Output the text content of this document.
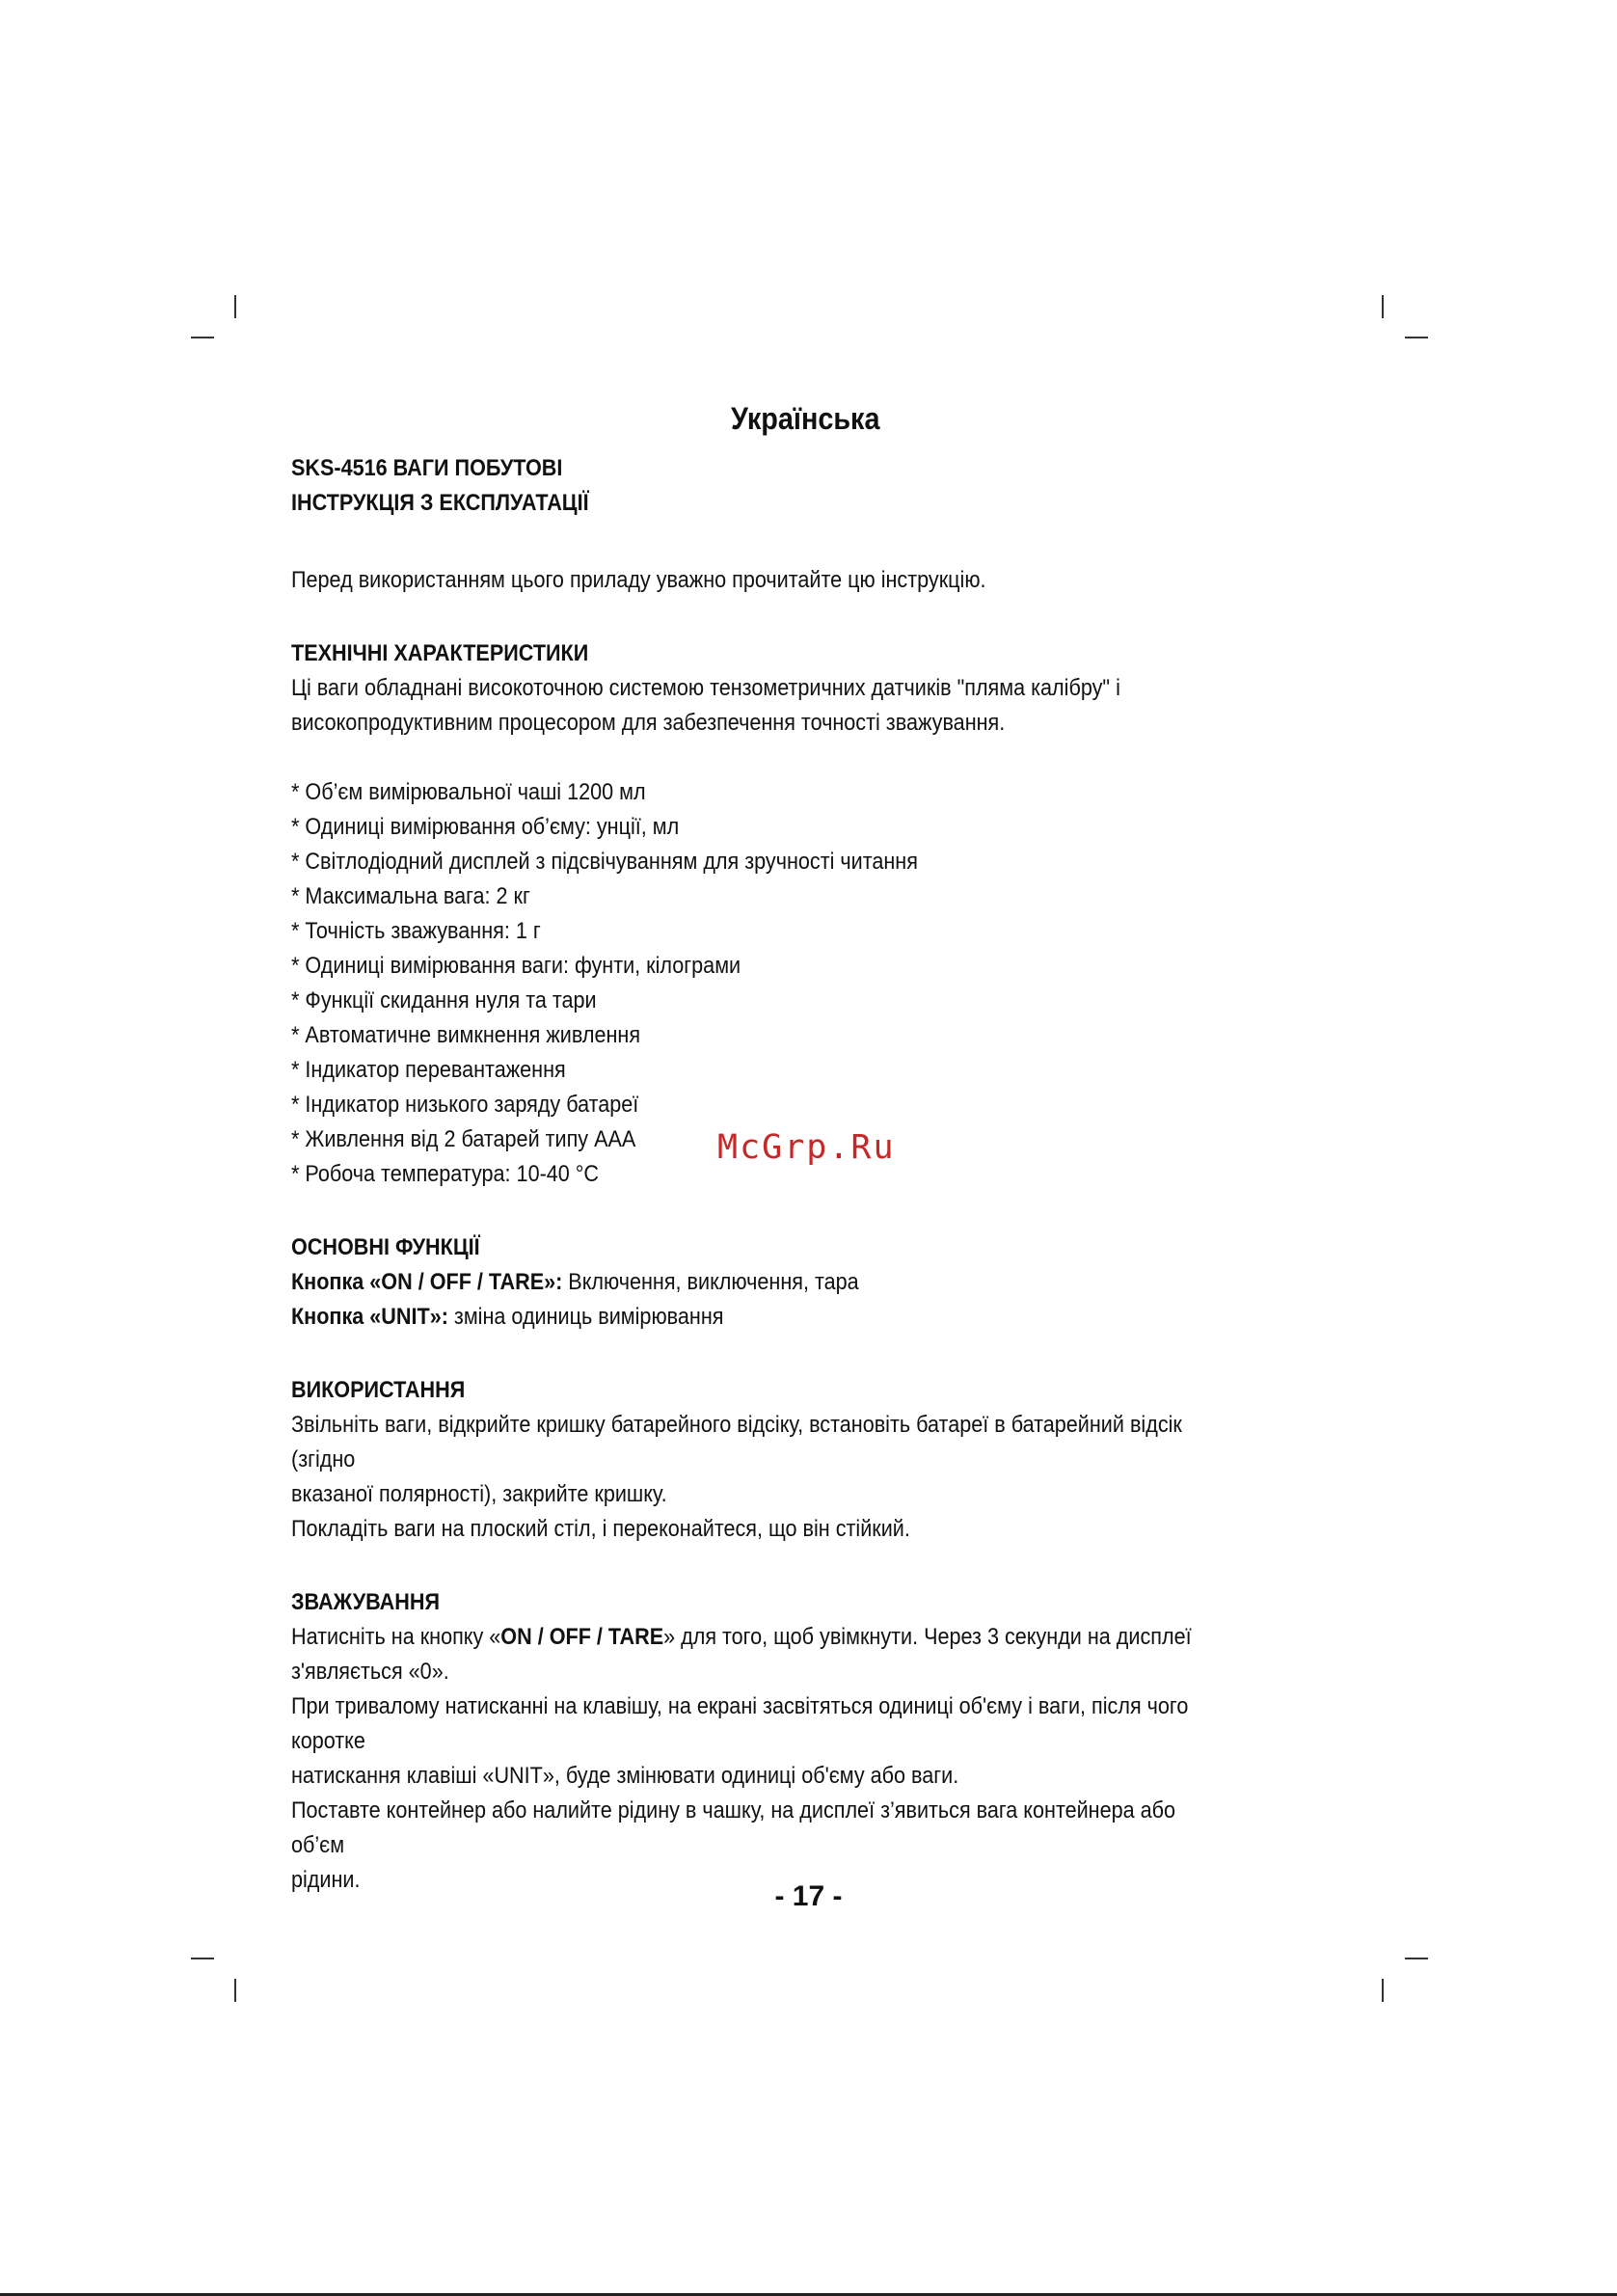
Українська

SKS-4516 ВАГИ ПОБУТОВІ

ІНСТРУКЦІЯ З ЕКСПЛУАТАЦІЇ

Перед використанням цього приладу уважно прочитайте цю інструкцію.

ТЕХНІЧНІ ХАРАКТЕРИСТИКИ

Ці ваги обладнані високоточною системою тензометричних датчиків "пляма калібру" і

високопродуктивним процесором для забезпечення точності зважування.

* Об’єм вимірювальної чаші 1200 мл
* Одиниці вимірювання об’єму: унції, мл
* Світлодіодний дисплей з підсвічуванням для зручності читання
* Максимальна вага: 2 кг
* Точність зважування: 1 г
* Одиниці вимірювання ваги: фунти, кілограми
* Функції скидання нуля та тари
* Автоматичне вимкнення живлення
* Індикатор перевантаження
* Індикатор низького заряду батареї
* Живлення від 2 батарей типу ААА
* Робоча температура: 10-40 °C

ОСНОВНІ ФУНКЦІЇ

Кнопка «ON / OFF / TARE»: Включення, виключення, тара

Кнопка «UNIT»: зміна одиниць вимірювання

ВИКОРИСТАННЯ

Звільніть ваги, відкрийте кришку батарейного відсіку, встановіть батареї в батарейний відсік (згідно

вказаної полярності), закрийте кришку.

Покладіть ваги на плоский стіл, і переконайтеся, що він стійкий.

ЗВАЖУВАННЯ

Натисніть на кнопку «ON / OFF / TARE» для того, щоб увімкнути. Через 3 секунди на дисплеї

з'являється «0».

При тривалому натисканні на клавішу, на екрані засвітяться одиниці об'єму і ваги, після чого коротке

натискання клавіші «UNIT», буде змінювати одиниці об'єму або ваги.

Поставте контейнер або налийте рідину в чашку, на дисплеї з’явиться вага контейнера або об’єм

рідини.

McGrp.Ru
- 17 -
